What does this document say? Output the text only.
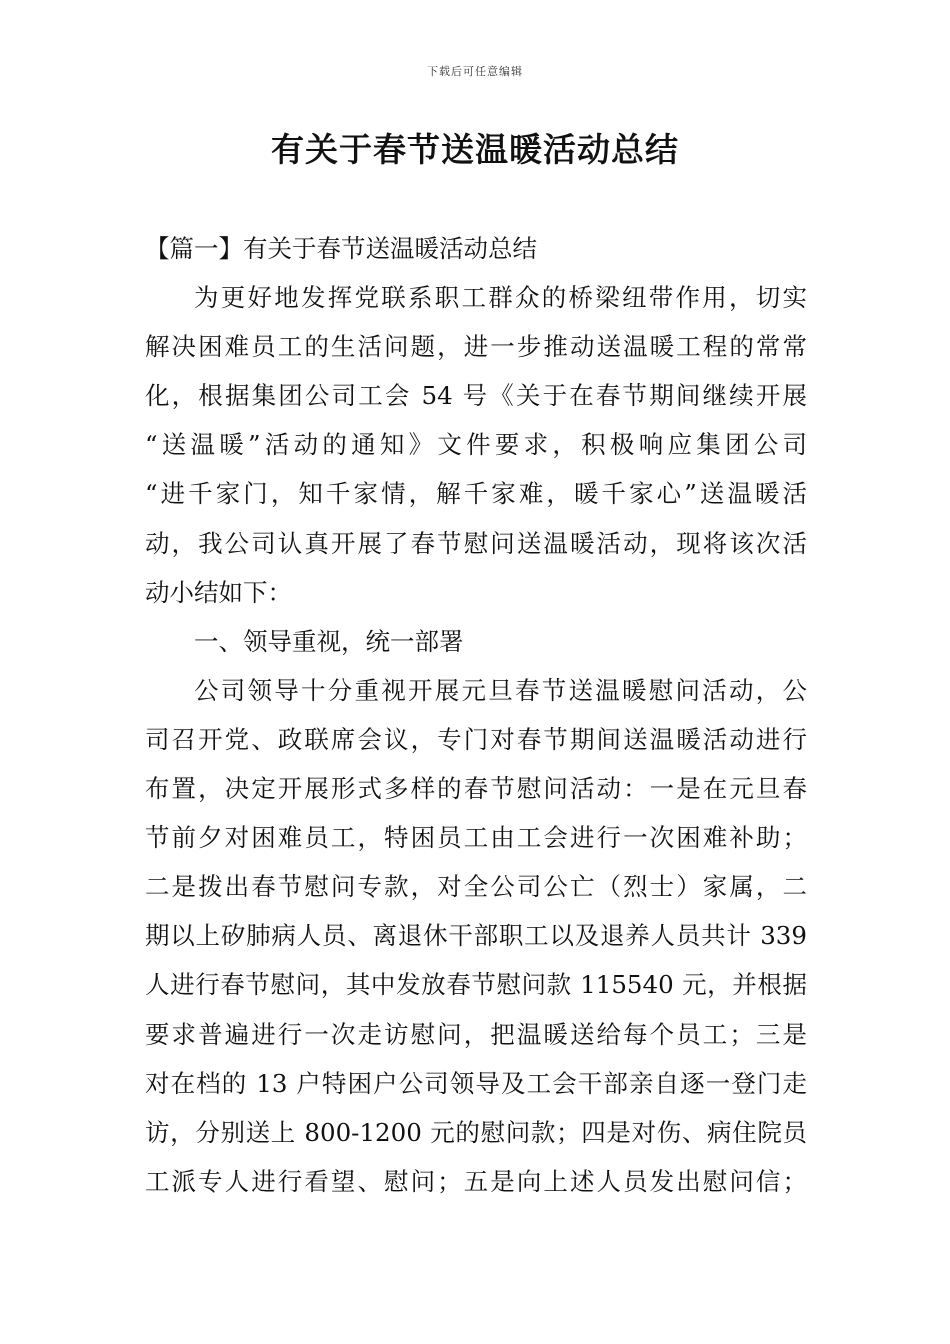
下载后可任意编辑
有关于春节送温暖活动总结
【篇一】有关于春节送温暖活动总结
为更好地发挥党联系职工群众的桥梁纽带作用，切实
解决困难员工的生活问题，进一步推动送温暖工程的常常
化，根据集团公司工会 54 号《关于在春节期间继续开展
“送温暖”活动的通知》文件要求，积极响应集团公司
“进千家门，知千家情，解千家难，暖千家心”送温暖活
动，我公司认真开展了春节慰问送温暖活动，现将该次活
动小结如下：
一、领导重视，统一部署
公司领导十分重视开展元旦春节送温暖慰问活动，公
司召开党、政联席会议，专门对春节期间送温暖活动进行
布置，决定开展形式多样的春节慰问活动：一是在元旦春
节前夕对困难员工，特困员工由工会进行一次困难补助；
二是拨出春节慰问专款，对全公司公亡（烈士）家属，二
期以上矽肺病人员、离退休干部职工以及退养人员共计 339
人进行春节慰问，其中发放春节慰问款 115540 元，并根据
要求普遍进行一次走访慰问，把温暖送给每个员工；三是
对在档的 13 户特困户公司领导及工会干部亲自逐一登门走
访，分别送上 800-1200 元的慰问款；四是对伤、病住院员
工派专人进行看望、慰问；五是向上述人员发出慰问信；
